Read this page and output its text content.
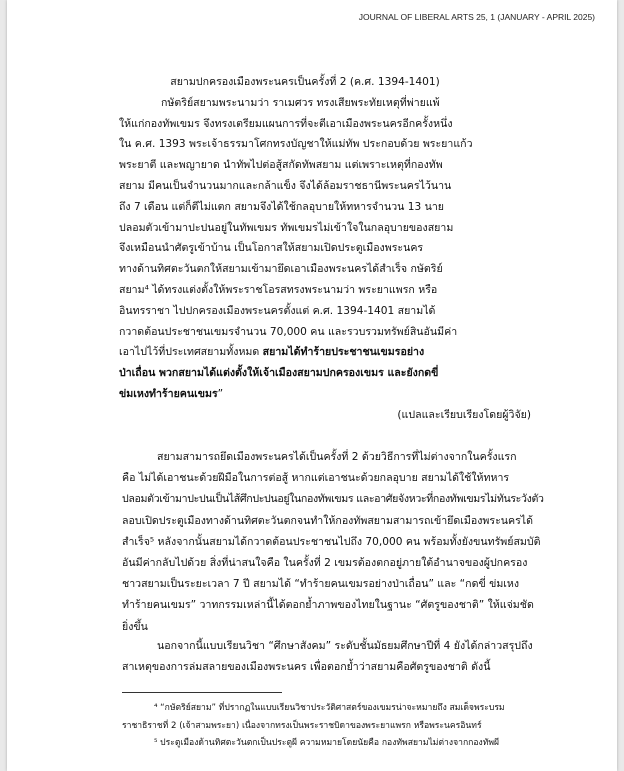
JOURNAL OF LIBERAL ARTS 25, 1 (JANUARY - APRIL 2025)
สยามปกครองเมืองพระนครเป็นครั้งที่ 2 (ค.ศ. 1394-1401)
กษัตริย์สยามพระนามว่า ราเมศวร ทรงเสียพระทัยเหตุที่พ่ายแพ้
ให้แก่กองทัพเขมร จึงทรงเตรียมแผนการที่จะตีเอาเมืองพระนครอีกครั้งหนึ่ง
ใน ค.ศ. 1393 พระเจ้าธรรมาโศกทรงบัญชาให้แม่ทัพ ประกอบด้วย พระยาแก้ว
พระยาตี และพญายาด นำทัพไปต่อสู้สกัดทัพสยาม แต่เพราะเหตุที่กองทัพ
สยาม มีคนเป็นจำนวนมากและกล้าแข็ง จึงได้ล้อมราชธานีพระนครไว้นาน
ถึง 7 เดือน แต่ก็ตีไม่แตก สยามจึงได้ใช้กลอุบายให้ทหารจำนวน 13 นาย
ปลอมตัวเข้ามาปะปนอยู่ในทัพเขมร ทัพเขมรไม่เข้าใจในกลอุบายของสยาม
จึงเหมือนนำศัตรูเข้าบ้าน เป็นโอกาสให้สยามเปิดประตูเมืองพระนคร
ทางด้านทิศตะวันตกให้สยามเข้ามายึดเอาเมืองพระนครได้สำเร็จ กษัตริย์
สยาม⁴ ได้ทรงแต่งตั้งให้พระราชโอรสทรงพระนามว่า พระยาแพรก หรือ
อินทรราชา ไปปกครองเมืองพระนครตั้งแต่ ค.ศ. 1394-1401 สยามได้
กวาดต้อนประชาชนเขมรจำนวน 70,000 คน และรวบรวมทรัพย์สินอันมีค่า
เอาไปไว้ที่ประเทศสยามทั้งหมด สยามได้ทำร้ายประชาชนเขมรอย่าง
ป่าเถื่อน พวกสยามได้แต่งตั้งให้เจ้าเมืองสยามปกครองเขมร และยังกดขี่
ข่มเหงทำร้ายคนเขมร”
(แปลและเรียบเรียงโดยผู้วิจัย)
สยามสามารถยึดเมืองพระนครได้เป็นครั้งที่ 2 ด้วยวิธีการที่ไม่ต่างจากในครั้งแรก
คือ ไม่ได้เอาชนะด้วยฝีมือในการต่อสู้ หากแต่เอาชนะด้วยกลอุบาย สยามได้ใช้ให้ทหาร
ปลอมตัวเข้ามาปะปนเป็นไส้ศึกปะปนอยู่ในกองทัพเขมร และอาศัยจังหวะที่กองทัพเขมรไม่ทันระวังตัว
ลอบเปิดประตูเมืองทางด้านทิศตะวันตกจนทำให้กองทัพสยามสามารถเข้ายึดเมืองพระนครได้
สำเร็จ⁵ หลังจากนั้นสยามได้กวาดต้อนประชาชนไปถึง 70,000 คน พร้อมทั้งยังขนทรัพย์สมบัติ
อันมีค่ากลับไปด้วย สิ่งที่น่าสนใจคือ ในครั้งที่ 2 เขมรต้องตกอยู่ภายใต้อำนาจของผู้ปกครอง
ชาวสยามเป็นระยะเวลา 7 ปี สยามได้ “ทำร้ายคนเขมรอย่างป่าเถื่อน” และ “กดขี่ ข่มเหง
ทำร้ายคนเขมร” วาทกรรมเหล่านี้ได้ตอกย้ำภาพของไทยในฐานะ “ศัตรูของชาติ” ให้แจ่มชัด
ยิ่งขึ้น
นอกจากนี้แบบเรียนวิชา “ศึกษาสังคม” ระดับชั้นมัธยมศึกษาปีที่ 4 ยังได้กล่าวสรุปถึง
สาเหตุของการล่มสลายของเมืองพระนคร เพื่อตอกย้ำว่าสยามคือศัตรูของชาติ ดังนี้
⁴ “กษัตริย์สยาม” ที่ปรากฏในแบบเรียนวิชาประวัติศาสตร์ของเขมรน่าจะหมายถึง สมเด็จพระบรม
ราชาธิราชที่ 2 (เจ้าสามพระยา) เนื่องจากทรงเป็นพระราชบิดาของพระยาแพรก หรือพระนครอินทร์
⁵ ประตูเมืองด้านทิศตะวันตกเป็นประตูผี ความหมายโดยนัยคือ กองทัพสยามไม่ต่างจากกองทัพผี
